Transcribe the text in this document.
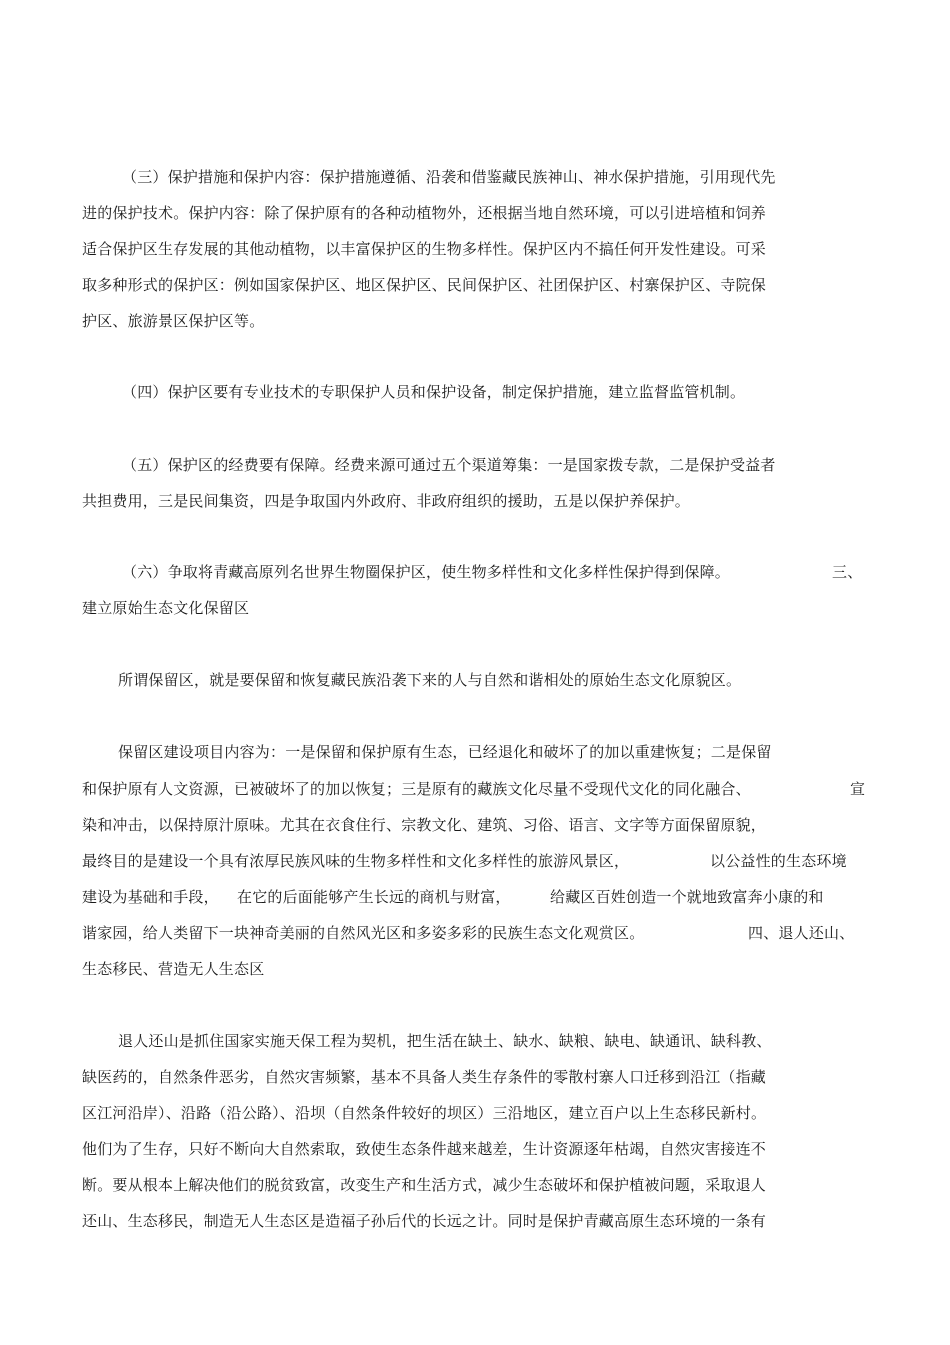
（三）保护措施和保护内容：保护措施遵循、沿袭和借鉴藏民族神山、神水保护措施，引用现代先
进的保护技术。保护内容：除了保护原有的各种动植物外，还根据当地自然环境，可以引进培植和饲养
适合保护区生存发展的其他动植物，以丰富保护区的生物多样性。保护区内不搞任何开发性建设。可采
取多种形式的保护区：例如国家保护区、地区保护区、民间保护区、社团保护区、村寨保护区、寺院保
护区、旅游景区保护区等。
（四）保护区要有专业技术的专职保护人员和保护设备，制定保护措施，建立监督监管机制。
（五）保护区的经费要有保障。经费来源可通过五个渠道筹集：一是国家拨专款，二是保护受益者
共担费用，三是民间集资，四是争取国内外政府、非政府组织的援助，五是以保护养保护。
（六）争取将青藏高原列名世界生物圈保护区，使生物多样性和文化多样性保护得到保障。	三、
建立原始生态文化保留区
所谓保留区，就是要保留和恢复藏民族沿袭下来的人与自然和谐相处的原始生态文化原貌区。
保留区建设项目内容为：一是保留和保护原有生态，已经退化和破坏了的加以重建恢复；二是保留
和保护原有人文资源，已被破坏了的加以恢复；三是原有的藏族文化尽量不受现代文化的同化融合、	宣
染和冲击，以保持原汁原味。尤其在衣食住行、宗教文化、建筑、习俗、语言、文字等方面保留原貌，
最终目的是建设一个具有浓厚民族风味的生物多样性和文化多样性的旅游风景区，	以公益性的生态环境
建设为基础和手段， 在它的后面能够产生长远的商机与财富，	给藏区百姓创造一个就地致富奔小康的和
谐家园，给人类留下一块神奇美丽的自然风光区和多姿多彩的民族生态文化观赏区。	四、退人还山、
生态移民、营造无人生态区
退人还山是抓住国家实施天保工程为契机，把生活在缺土、缺水、缺粮、缺电、缺通讯、缺科教、
缺医药的，自然条件恶劣，自然灾害频繁，基本不具备人类生存条件的零散村寨人口迁移到沿江（指藏
区江河沿岸）、沿路（沿公路）、沿坝（自然条件较好的坝区）三沿地区，建立百户以上生态移民新村。
他们为了生存，只好不断向大自然索取，致使生态条件越来越差，生计资源逐年枯竭，自然灾害接连不
断。要从根本上解决他们的脱贫致富，改变生产和生活方式，减少生态破坏和保护植被问题，采取退人
还山、生态移民，制造无人生态区是造福子孙后代的长远之计。同时是保护青藏高原生态环境的一条有
